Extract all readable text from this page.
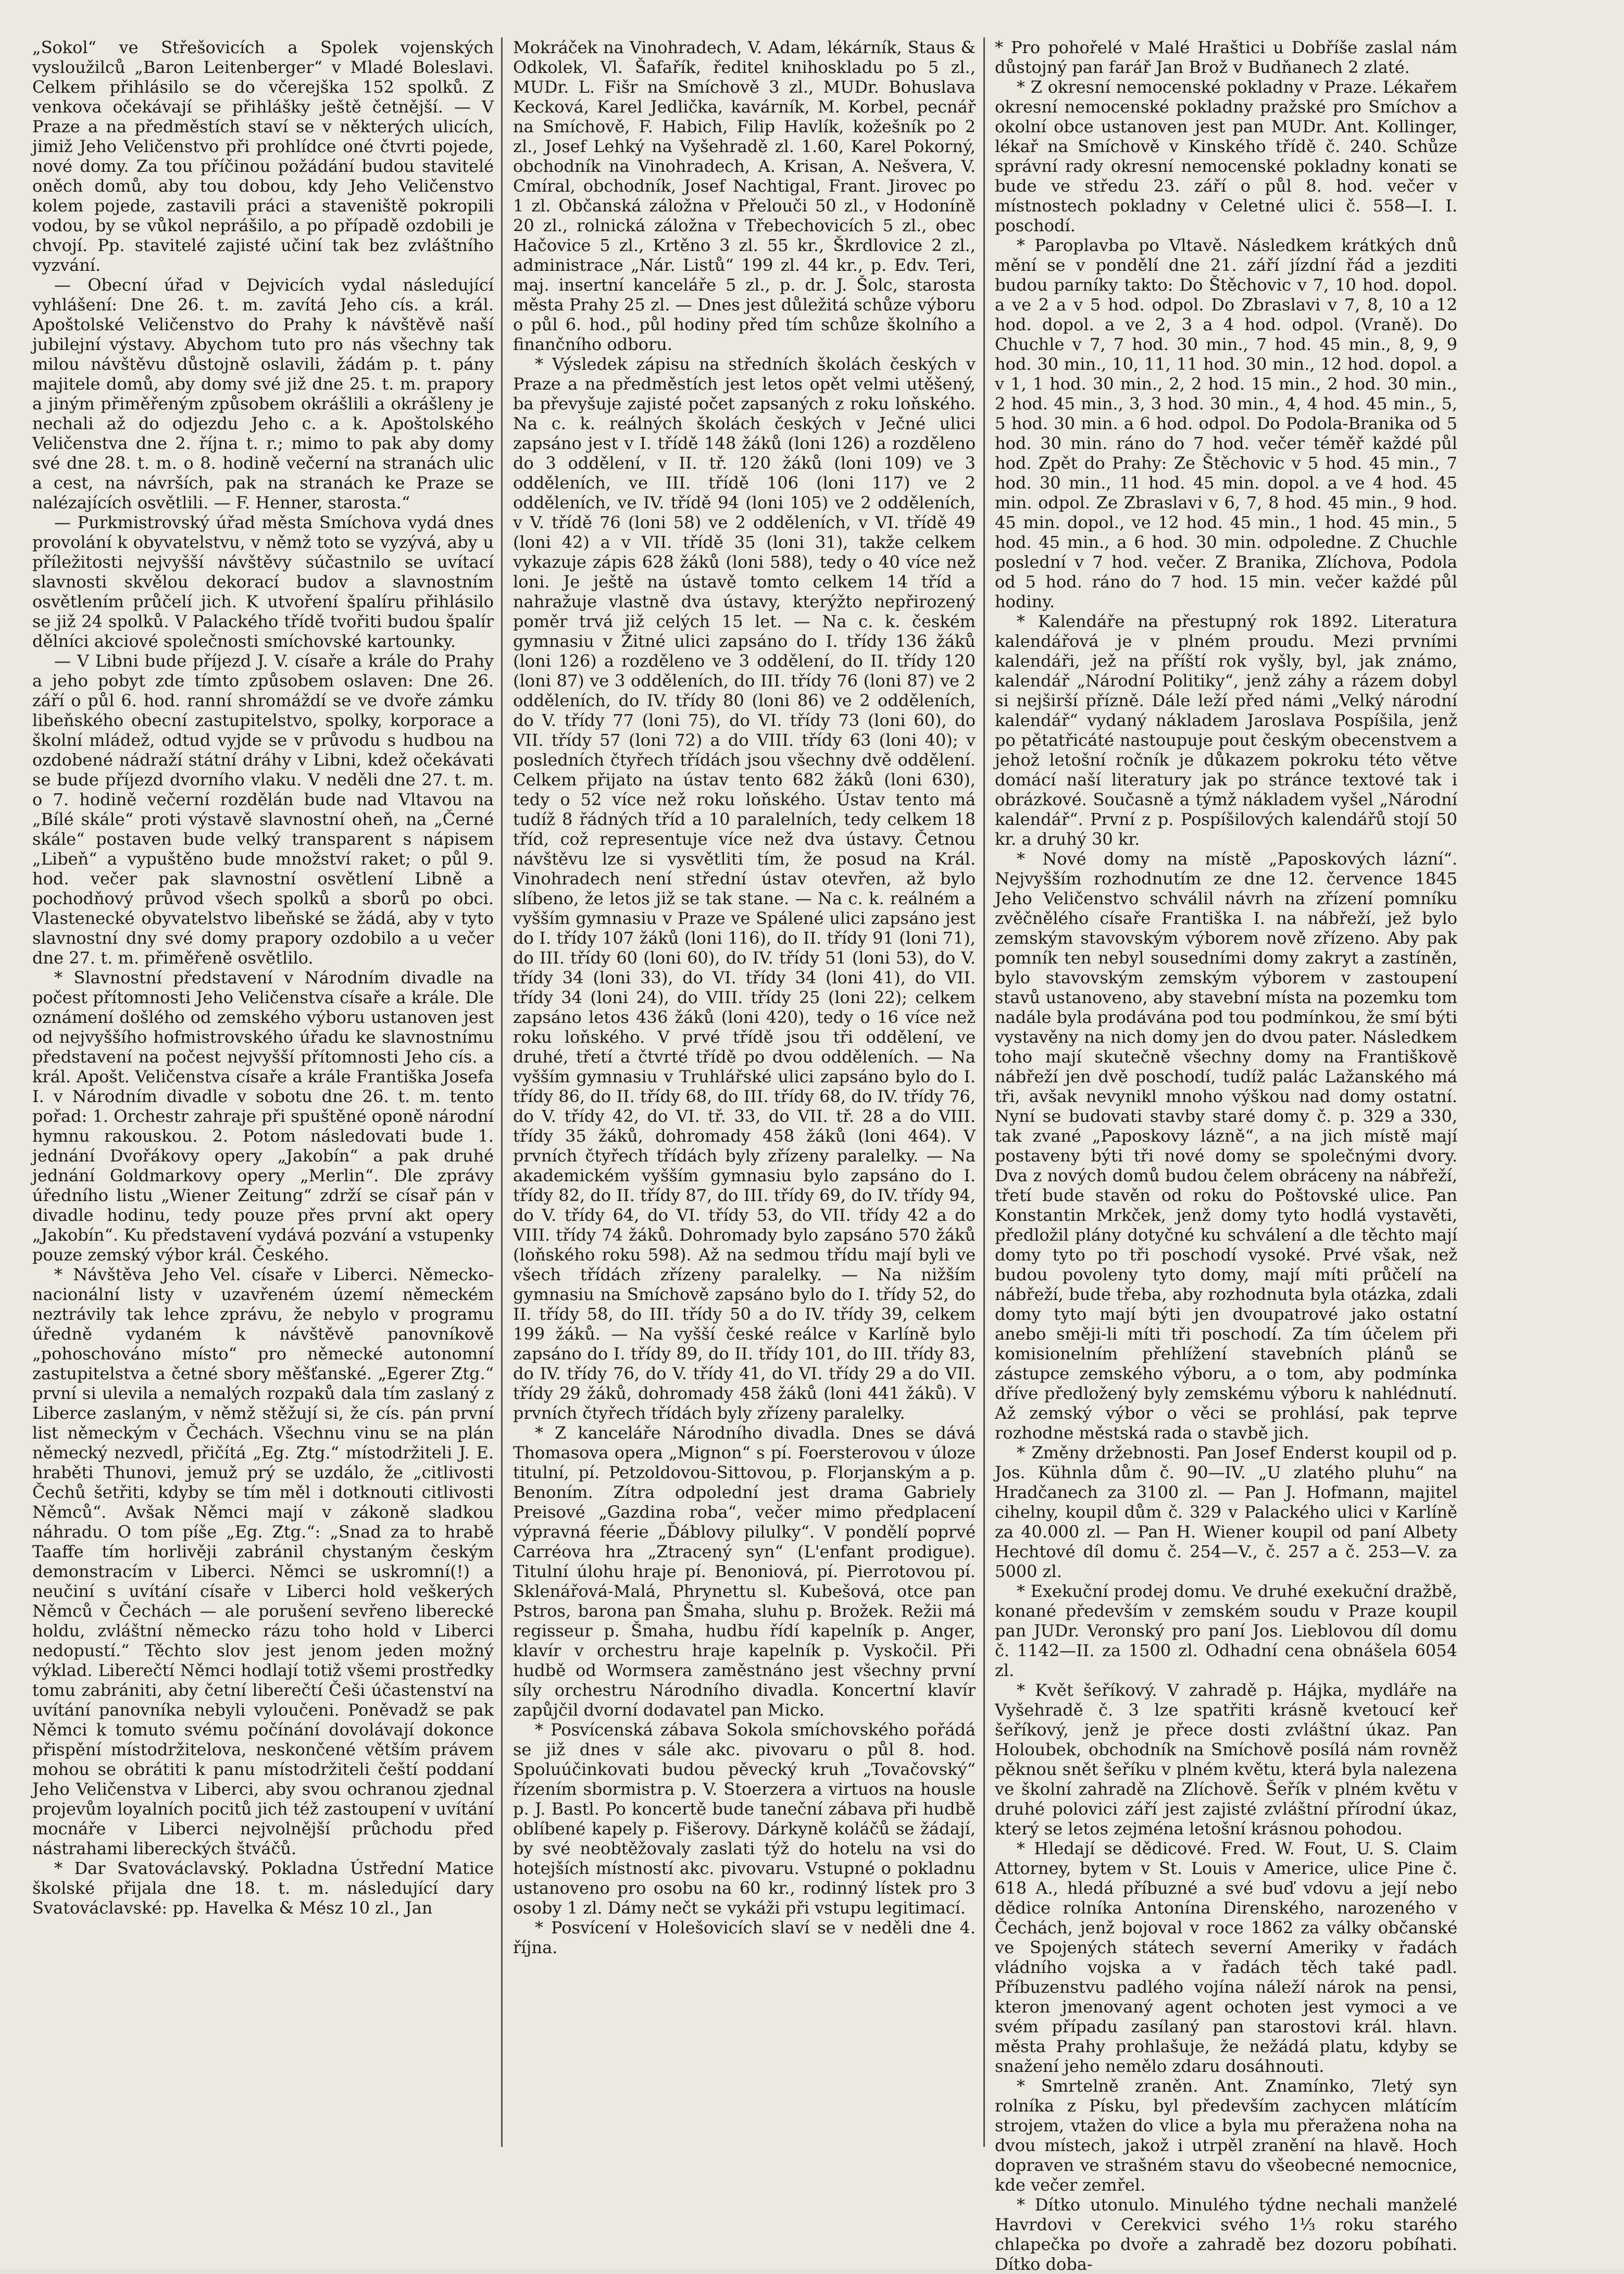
„Sokol“ ve Střešovicích a Spolek vojenských vysloužilců „Baron Leitenberger“ v Mladé Boleslavi. Celkem přihlásilo se do včerejška 152 spolků. Z venkova očekávají se přihlášky ještě četnější. — V Praze a na předměstích staví se v některých ulicích, jimiž Jeho Veličenstvo při prohlídce oné čtvrti pojede, nové domy. Za tou příčinou požádání budou stavitelé oněch domů, aby tou dobou, kdy Jeho Veličenstvo kolem pojede, zastavili práci a staveniště pokropili vodou, by se vůkol neprášilo, a po případě ozdobili je chvojí. Pp. stavitelé zajisté učiní tak bez zvláštního vyzvání.

— Obecní úřad v Dejvicích vydal následující vyhlášení: Dne 26. t. m. zavítá Jeho cís. a král. Apoštolské Veličenstvo do Prahy k návštěvě naší jubilejní výstavy. Abychom tuto pro nás všechny tak milou návštěvu důstojně oslavili, žádám p. t. pány majitele domů, aby domy své již dne 25. t. m. prapory a jiným přiměřeným způsobem okrášlili a okrášleny je nechali až do odjezdu Jeho c. a k. Apoštolského Veličenstva dne 2. října t. r.; mimo to pak aby domy své dne 28. t. m. o 8. hodině večerní na stranách ulic a cest, na návrších, pak na stranách ke Praze se nalézajících osvětlili. — F. Henner, starosta.“

— Purkmistrovský úřad města Smíchova vydá dnes provolání k obyvatelstvu, v němž toto se vyzývá, aby u příležitosti nejvyšší návštěvy súčastnilo se uvítací slavnosti skvělou dekorací budov a slavnostním osvětlením průčelí jich. K utvoření špalíru přihlásilo se již 24 spolků. V Palackého třídě tvořiti budou špalír dělníci akciové společnosti smíchovské kartounky.

— V Libni bude příjezd J. V. císaře a krále do Prahy a jeho pobyt zde tímto způsobem oslaven: Dne 26. září o půl 6. hod. ranní shromáždí se ve dvoře zámku libeňského obecní zastupitelstvo, spolky, korporace a školní mládež, odtud vyjde se v průvodu s hudbou na ozdobené nádraží státní dráhy v Libni, kdež očekávati se bude příjezd dvorního vlaku. V neděli dne 27. t. m. o 7. hodině večerní rozdělán bude nad Vltavou na „Bílé skále“ proti výstavě slavnostní oheň, na „Černé skále“ postaven bude velký transparent s nápisem „Libeň“ a vypuštěno bude množství raket; o půl 9. hod. večer pak slavnostní osvětlení Libně a pochodňový průvod všech spolků a sborů po obci. Vlastenecké obyvatelstvo libeňské se žádá, aby v tyto slavnostní dny své domy prapory ozdobilo a u večer dne 27. t. m. přiměřeně osvětlilo.

* Slavnostní představení v Národním divadle na počest přítomnosti Jeho Veličenstva císaře a krále. Dle oznámení došlého od zemského výboru ustanoven jest od nejvyššího hofmistrovského úřadu ke slavnostnímu představení na počest nejvyšší přítomnosti Jeho cís. a král. Apošt. Veličenstva císaře a krále Františka Josefa I. v Národním divadle v sobotu dne 26. t. m. tento pořad: 1. Orchestr zahraje při spuštěné oponě národní hymnu rakouskou. 2. Potom následovati bude 1. jednání Dvořákovy opery „Jakobín“ a pak druhé jednání Goldmarkovy opery „Merlin“. Dle zprávy úředního listu „Wiener Zeitung“ zdrží se císař pán v divadle hodinu, tedy pouze přes první akt opery „Jakobín“. Ku představení vydává pozvání a vstupenky pouze zemský výbor král. Českého.

* Návštěva Jeho Vel. císaře v Liberci. Německo-nacionální listy v uzavřeném území německém neztrávily tak lehce zprávu, že nebylo v programu úředně vydaném k návštěvě panovníkově „pohoschováno místo“ pro německé autonomní zastupitelstva a četné sbory měšťanské. „Egerer Ztg.“ první si ulevila a nemalých rozpaků dala tím zaslaný z Liberce zaslaným, v němž stěžují si, že cís. pán první list německým v Čechách. Všechnu vinu se na plán německý nezvedl, přičítá „Eg. Ztg.“ místodržiteli J. E. hraběti Thunovi, jemuž prý se uzdálo, že „citlivosti Čechů šetřiti, kdyby se tím měl i dotknouti citlivosti Němců“. Avšak Němci mají v zákoně sladkou náhradu. O tom píše „Eg. Ztg.“: „Snad za to hrabě Taaffe tím horlivěji zabránil chystaným českým demonstracím v Liberci. Němci se uskromní(!) a neučiní s uvítání císaře v Liberci hold veškerých Němců v Čechách — ale porušení sevřeno liberecké holdu, zvláštní německo rázu toho hold v Liberci nedopustí.“ Těchto slov jest jenom jeden možný výklad. Liberečtí Němci hodlají totiž všemi prostředky tomu zabrániti, aby četní liberečtí Češi účastenství na uvítání panovníka nebyli vyloučeni. Poněvadž se pak Němci k tomuto svému počínání dovolávají dokonce přispění místodržitelova, neskončené větším právem mohou se obrátiti k panu místodržiteli čeští poddaní Jeho Veličenstva v Liberci, aby svou ochranou zjednal projevům loyalních pocitů jich též zastoupení v uvítání mocnáře v Liberci nejvolnější průchodu před nástrahami libereckých štváčů.

* Dar Svatováclavský. Pokladna Ústřední Matice školské přijala dne 18. t. m. následující dary Svatováclavské: pp. Havelka & Mész 10 zl., Jan

Mokráček na Vinohradech, V. Adam, lékárník, Staus & Odkolek, Vl. Šafařík, ředitel knihoskladu po 5 zl., MUDr. L. Fišr na Smíchově 3 zl., MUDr. Bohuslava Kecková, Karel Jedlička, kavárník, M. Korbel, pecnář na Smíchově, F. Habich, Filip Havlík, kožešník po 2 zl., Josef Lehký na Vyšehradě zl. 1.60, Karel Pokorný, obchodník na Vinohradech, A. Krisan, A. Nešvera, V. Cmíral, obchodník, Josef Nachtigal, Frant. Jirovec po 1 zl. Občanská záložna v Přelouči 50 zl., v Hodoníně 20 zl., rolnická záložna v Třebechovicích 5 zl., obec Hačovice 5 zl., Krtěno 3 zl. 55 kr., Škrdlovice 2 zl., administrace „Nár. Listů“ 199 zl. 44 kr., p. Edv. Teri, maj. insertní kanceláře 5 zl., p. dr. J. Šolc, starosta města Prahy 25 zl. — Dnes jest důležitá schůze výboru o půl 6. hod., půl hodiny před tím schůze školního a finančního odboru.

* Výsledek zápisu na středních školách českých v Praze a na předměstích jest letos opět velmi utěšený, ba převyšuje zajisté počet zapsaných z roku loňského. Na c. k. reálných školách českých v Ječné ulici zapsáno jest v I. třídě 148 žáků (loni 126) a rozděleno do 3 oddělení, v II. tř. 120 žáků (loni 109) ve 3 odděleních, ve III. třídě 106 (loni 117) ve 2 odděleních, ve IV. třídě 94 (loni 105) ve 2 odděleních, v V. třídě 76 (loni 58) ve 2 odděleních, v VI. třídě 49 (loni 42) a v VII. třídě 35 (loni 31), takže celkem vykazuje zápis 628 žáků (loni 588), tedy o 40 více než loni. Je ještě na ústavě tomto celkem 14 tříd a nahražuje vlastně dva ústavy, kterýžto nepřirozený poměr trvá již celých 15 let. — Na c. k. českém gymnasiu v Žitné ulici zapsáno do I. třídy 136 žáků (loni 126) a rozděleno ve 3 oddělení, do II. třídy 120 (loni 87) ve 3 odděleních, do III. třídy 76 (loni 87) ve 2 odděleních, do IV. třídy 80 (loni 86) ve 2 odděleních, do V. třídy 77 (loni 75), do VI. třídy 73 (loni 60), do VII. třídy 57 (loni 72) a do VIII. třídy 63 (loni 40); v posledních čtyřech třídách jsou všechny dvě oddělení. Celkem přijato na ústav tento 682 žáků (loni 630), tedy o 52 více než roku loňského. Ústav tento má tudíž 8 řádných tříd a 10 paralelních, tedy celkem 18 tříd, což representuje více než dva ústavy. Četnou návštěvu lze si vysvětliti tím, že posud na Král. Vinohradech není střední ústav otevřen, až bylo slíbeno, že letos již se tak stane. — Na c. k. reálném a vyšším gymnasiu v Praze ve Spálené ulici zapsáno jest do I. třídy 107 žáků (loni 116), do II. třídy 91 (loni 71), do III. třídy 60 (loni 60), do IV. třídy 51 (loni 53), do V. třídy 34 (loni 33), do VI. třídy 34 (loni 41), do VII. třídy 34 (loni 24), do VIII. třídy 25 (loni 22); celkem zapsáno letos 436 žáků (loni 420), tedy o 16 více než roku loňského. V prvé třídě jsou tři oddělení, ve druhé, třetí a čtvrté třídě po dvou odděleních. — Na vyšším gymnasiu v Truhlářské ulici zapsáno bylo do I. třídy 86, do II. třídy 68, do III. třídy 68, do IV. třídy 76, do V. třídy 42, do VI. tř. 33, do VII. tř. 28 a do VIII. třídy 35 žáků, dohromady 458 žáků (loni 464). V prvních čtyřech třídách byly zřízeny paralelky. — Na akademickém vyšším gymnasiu bylo zapsáno do I. třídy 82, do II. třídy 87, do III. třídy 69, do IV. třídy 94, do V. třídy 64, do VI. třídy 53, do VII. třídy 42 a do VIII. třídy 74 žáků. Dohromady bylo zapsáno 570 žáků (loňského roku 598). Až na sedmou třídu mají byli ve všech třídách zřízeny paralelky. — Na nižším gymnasiu na Smíchově zapsáno bylo do I. třídy 52, do II. třídy 58, do III. třídy 50 a do IV. třídy 39, celkem 199 žáků. — Na vyšší české reálce v Karlíně bylo zapsáno do I. třídy 89, do II. třídy 101, do III. třídy 83, do IV. třídy 76, do V. třídy 41, do VI. třídy 29 a do VII. třídy 29 žáků, dohromady 458 žáků (loni 441 žáků). V prvních čtyřech třídách byly zřízeny paralelky.

* Z kanceláře Národního divadla. Dnes se dává Thomasova opera „Mignon“ s pí. Foersterovou v úloze titulní, pí. Petzoldovou-Sittovou, p. Florjanským a p. Benoním. Zítra odpolední jest drama Gabriely Preisové „Gazdina roba“, večer mimo předplacení výpravná féerie „Ďáblovy pilulky“. V pondělí poprvé Carréova hra „Ztracený syn“ (L'enfant prodigue). Titulní úlohu hraje pí. Benoniová, pí. Pierrotovou pí. Sklenářová-Malá, Phrynettu sl. Kubešová, otce pan Pstros, barona pan Šmaha, sluhu p. Brožek. Režii má regisseur p. Šmaha, hudbu řídí kapelník p. Anger, klavír v orchestru hraje kapelník p. Vyskočil. Při hudbě od Wormsera zaměstnáno jest všechny první síly orchestru Národního divadla. Koncertní klavír zapůjčil dvorní dodavatel pan Micko.

* Posvícenská zábava Sokola smíchovského pořádá se již dnes v sále akc. pivovaru o půl 8. hod. Spoluúčinkovati budou pěvecký kruh „Tovačovský“ řízením sbormistra p. V. Stoerzera a virtuos na housle p. J. Bastl. Po koncertě bude taneční zábava při hudbě oblíbené kapely p. Fišerovy. Dárkyně koláčů se žádají, by své neobtěžovaly zaslati týž do hotelu na vsi do hotejších místností akc. pivovaru. Vstupné o pokladnu ustanoveno pro osobu na 60 kr., rodinný lístek pro 3 osoby 1 zl. Dámy nečt se vykáži při vstupu legitimací.

* Posvícení v Holešovicích slaví se v neděli dne 4. října.

* Pro pohořelé v Malé Hraštici u Dobříše zaslal nám důstojný pan farář Jan Brož v Budňanech 2 zlaté.

* Z okresní nemocenské pokladny v Praze. Lékařem okresní nemocenské pokladny pražské pro Smíchov a okolní obce ustanoven jest pan MUDr. Ant. Kollinger, lékař na Smíchově v Kinského třídě č. 240. Schůze správní rady okresní nemocenské pokladny konati se bude ve středu 23. září o půl 8. hod. večer v místnostech pokladny v Celetné ulici č. 558—I. I. poschodí.

* Paroplavba po Vltavě. Následkem krátkých dnů mění se v pondělí dne 21. září jízdní řád a jezditi budou parníky takto: Do Štěchovic v 7, 10 hod. dopol. a ve 2 a v 5 hod. odpol. Do Zbraslavi v 7, 8, 10 a 12 hod. dopol. a ve 2, 3 a 4 hod. odpol. (Vraně). Do Chuchle v 7, 7 hod. 30 min., 7 hod. 45 min., 8, 9, 9 hod. 30 min., 10, 11, 11 hod. 30 min., 12 hod. dopol. a v 1, 1 hod. 30 min., 2, 2 hod. 15 min., 2 hod. 30 min., 2 hod. 45 min., 3, 3 hod. 30 min., 4, 4 hod. 45 min., 5, 5 hod. 30 min. a 6 hod. odpol. Do Podola-Branika od 5 hod. 30 min. ráno do 7 hod. večer téměř každé půl hod. Zpět do Prahy: Ze Štěchovic v 5 hod. 45 min., 7 hod. 30 min., 11 hod. 45 min. dopol. a ve 4 hod. 45 min. odpol. Ze Zbraslavi v 6, 7, 8 hod. 45 min., 9 hod. 45 min. dopol., ve 12 hod. 45 min., 1 hod. 45 min., 5 hod. 45 min., a 6 hod. 30 min. odpoledne. Z Chuchle poslední v 7 hod. večer. Z Branika, Zlíchova, Podola od 5 hod. ráno do 7 hod. 15 min. večer každé půl hodiny.

* Kalendáře na přestupný rok 1892. Literatura kalendářová je v plném proudu. Mezi prvními kalendáři, jež na příští rok vyšly, byl, jak známo, kalendář „Národní Politiky“, jenž záhy a rázem dobyl si nejširší přízně. Dále leží před námi „Velký národní kalendář“ vydaný nákladem Jaroslava Pospíšila, jenž po pětatřicáté nastoupuje pout českým obecenstvem a jehož letošní ročník je důkazem pokroku této větve domácí naší literatury jak po stránce textové tak i obrázkové. Současně a týmž nákladem vyšel „Národní kalendář“. První z p. Pospíšilových kalendářů stojí 50 kr. a druhý 30 kr.

* Nové domy na místě „Paposkových lázní“. Nejvyšším rozhodnutím ze dne 12. července 1845 Jeho Veličenstvo schválil návrh na zřízení pomníku zvěčnělého císaře Františka I. na nábřeží, jež bylo zemským stavovským výborem nově zřízeno. Aby pak pomník ten nebyl sousedními domy zakryt a zastíněn, bylo stavovským zemským výborem v zastoupení stavů ustanoveno, aby stavební místa na pozemku tom nadále byla prodávána pod tou podmínkou, že smí býti vystavěny na nich domy jen do dvou pater. Následkem toho mají skutečně všechny domy na Františkově nábřeží jen dvě poschodí, tudíž palác Lažanského má tři, avšak nevynikl mnoho výškou nad domy ostatní. Nyní se budovati stavby staré domy č. p. 329 a 330, tak zvané „Paposkovy lázně“, a na jich místě mají postaveny býti tři nové domy se společnými dvory. Dva z nových domů budou čelem obráceny na nábřeží, třetí bude stavěn od roku do Poštovské ulice. Pan Konstantin Mrkček, jenž domy tyto hodlá vystavěti, předložil plány dotyčné ku schválení a dle těchto mají domy tyto po tři poschodí vysoké. Prvé však, než budou povoleny tyto domy, mají míti průčelí na nábřeží, bude třeba, aby rozhodnuta byla otázka, zdali domy tyto mají býti jen dvoupatrové jako ostatní anebo směji-li míti tři poschodí. Za tím účelem při komisionelním přehlížení stavebních plánů se zástupce zemského výboru, a o tom, aby podmínka dříve předložený byly zemskému výboru k nahlédnutí. Až zemský výbor o věci se prohlásí, pak teprve rozhodne městská rada o stavbě jich.

* Změny držebnosti. Pan Josef Enderst koupil od p. Jos. Kühnla dům č. 90—IV. „U zlatého pluhu“ na Hradčanech za 3100 zl. — Pan J. Hofmann, majitel cihelny, koupil dům č. 329 v Palackého ulici v Karlíně za 40.000 zl. — Pan H. Wiener koupil od paní Albety Hechtové díl domu č. 254—V., č. 257 a č. 253—V. za 5000 zl.

* Exekuční prodej domu. Ve druhé exekuční dražbě, konané především v zemském soudu v Praze koupil pan JUDr. Veronský pro paní Jos. Lieblovou díl domu č. 1142—II. za 1500 zl. Odhadní cena obnášela 6054 zl.

* Květ šeříkový. V zahradě p. Hájka, mydláře na Vyšehradě č. 3 lze spatřiti krásně kvetoucí keř šeříkový, jenž je přece dosti zvláštní úkaz. Pan Holoubek, obchodník na Smíchově posílá nám rovněž pěknou snět šeříku v plném květu, která byla nalezena ve školní zahradě na Zlíchově. Šeřík v plném květu v druhé polovici září jest zajisté zvláštní přírodní úkaz, který se letos zejména letošní krásnou pohodou.

* Hledají se dědicové. Fred. W. Fout, U. S. Claim Attorney, bytem v St. Louis v Americe, ulice Pine č. 618 A., hledá příbuzné a své buď vdovu a její nebo dědice rolníka Antonína Direnského, narozeného v Čechách, jenž bojoval v roce 1862 za války občanské ve Spojených státech severní Ameriky v řadách vládního vojska a v řadách těch také padl. Příbuzenstvu padlého vojína náleží nárok na pensi, kteron jmenovaný agent ochoten jest vymoci a ve svém případu zasílaný pan starostovi král. hlavn. města Prahy prohlašuje, že nežádá platu, kdyby se snažení jeho nemělo zdaru dosáhnouti.

* Smrtelně zraněn. Ant. Znamínko, 7letý syn rolníka z Písku, byl především zachycen mlátícím strojem, vtažen do vlice a byla mu přeražena noha na dvou místech, jakož i utrpěl zranění na hlavě. Hoch dopraven ve strašném stavu do všeobecné nemocnice, kde večer zemřel.

* Dítko utonulo. Minulého týdne nechali manželé Havrdovi v Cerekvici svého 1⅓ roku starého chlapečka po dvoře a zahradě bez dozoru pobíhati. Dítko doba-
